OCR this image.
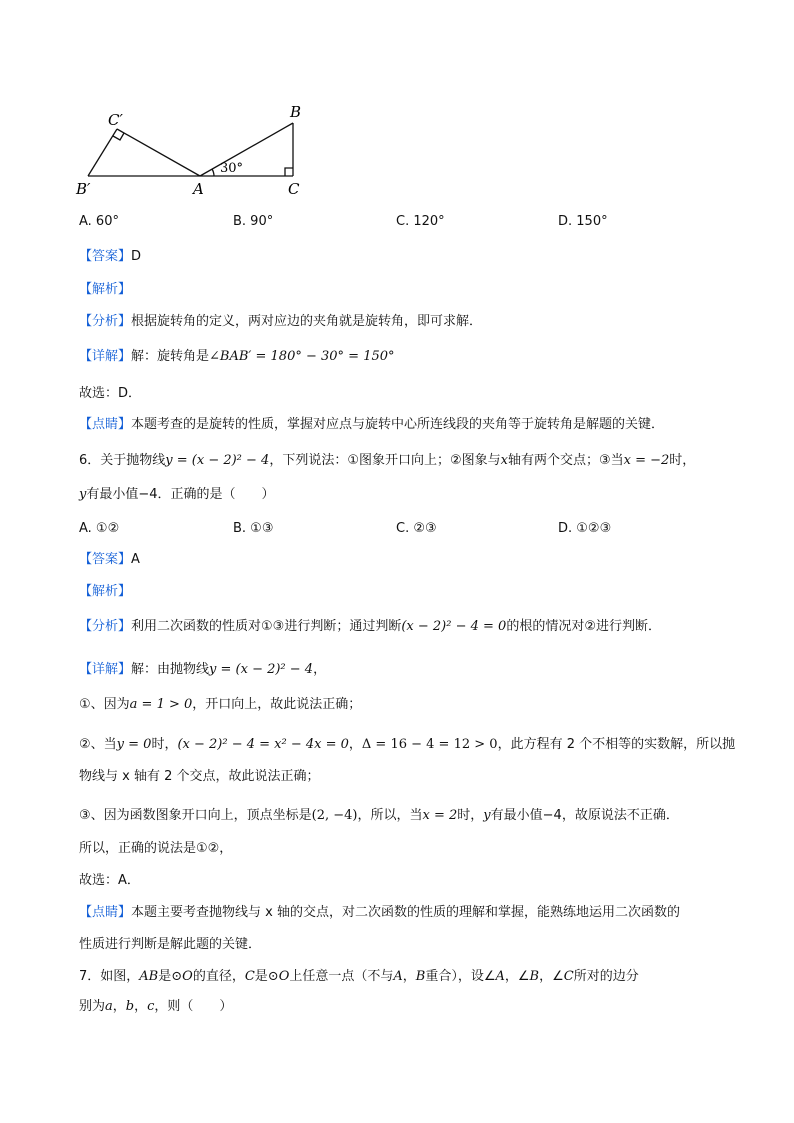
C′	B
B′	A	C
30°
A. 60°	B. 90°	C. 120°	D. 150°
【答案】D
【解析】
【分析】根据旋转角的定义，两对应边的夹角就是旋转角，即可求解．
【详解】解：旋转角是∠BAB′ = 180° − 30° = 150°
故选：D．
【点睛】本题考查的是旋转的性质，掌握对应点与旋转中心所连线段的夹角等于旋转角是解题的关键．
6．关于抛物线y = (x − 2)² − 4，下列说法：①图象开口向上；②图象与x轴有两个交点；③当x = −2时，
y有最小值−4．正确的是（　　）
A. ①②	B. ①③	C. ②③	D. ①②③
【答案】A
【解析】
【分析】利用二次函数的性质对①③进行判断；通过判断(x − 2)² − 4 = 0的根的情况对②进行判断．
【详解】解：由抛物线y = (x − 2)² − 4，
①、因为a = 1 > 0，开口向上，故此说法正确；
②、当y = 0时，(x − 2)² − 4 = x² − 4x = 0，Δ = 16 − 4 = 12 > 0，此方程有 2 个不相等的实数解，所以抛
物线与 x 轴有 2 个交点，故此说法正确；
③、因为函数图象开口向上，顶点坐标是(2, −4)，所以，当x = 2时，y有最小值−4，故原说法不正确．
所以，正确的说法是①②，
故选：A．
【点睛】本题主要考查抛物线与 x 轴的交点，对二次函数的性质的理解和掌握，能熟练地运用二次函数的
性质进行判断是解此题的关键．
7．如图，AB是⊙O的直径，C是⊙O上任意一点（不与A，B重合），设∠A，∠B，∠C所对的边分
别为a，b，c，则（　　）
